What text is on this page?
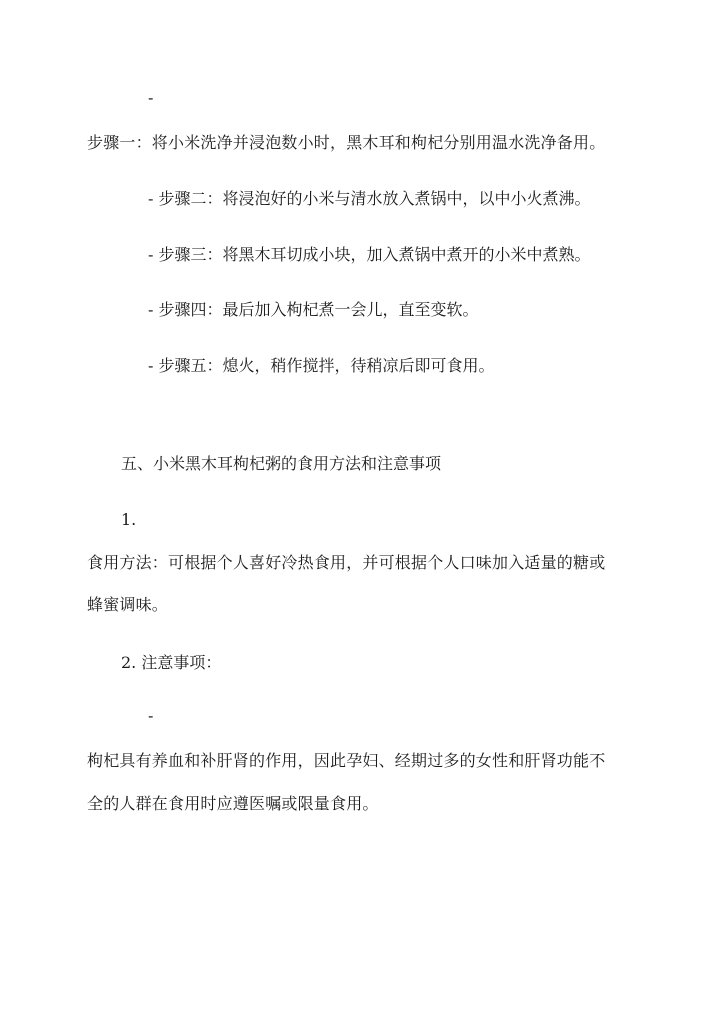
-

步骤一：将小米洗净并浸泡数小时，黑木耳和枸杞分别用温水洗净备用。

- 步骤二：将浸泡好的小米与清水放入煮锅中，以中小火煮沸。

- 步骤三：将黑木耳切成小块，加入煮锅中煮开的小米中煮熟。

- 步骤四：最后加入枸杞煮一会儿，直至变软。

- 步骤五：熄火，稍作搅拌，待稍凉后即可食用。

五、小米黑木耳枸杞粥的食用方法和注意事项

1.

食用方法：可根据个人喜好冷热食用，并可根据个人口味加入适量的糖或

蜂蜜调味。

2. 注意事项：

-

枸杞具有养血和补肝肾的作用，因此孕妇、经期过多的女性和肝肾功能不

全的人群在食用时应遵医嘱或限量食用。
